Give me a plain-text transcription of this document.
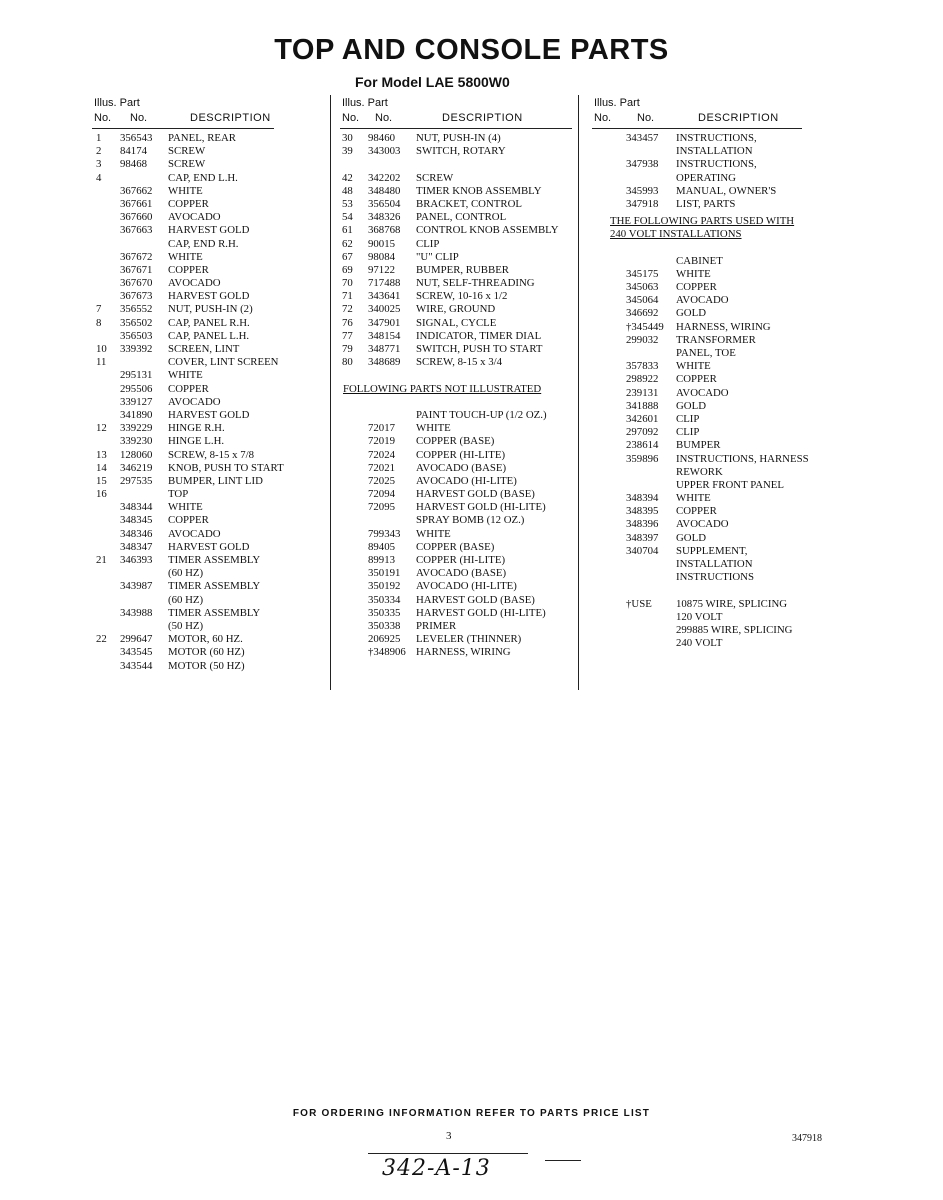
TOP AND CONSOLE PARTS
For Model LAE 5800W0
Illus. Part
No. No.	DESCRIPTION
1 356543 PANEL, REAR
2 84174 SCREW
3 98468 SCREW
4	CAP, END L.H.
367662 WHITE
367661 COPPER
367660 AVOCADO
367663 HARVEST GOLD
CAP, END R.H.
367672 WHITE
367671 COPPER
367670 AVOCADO
367673 HARVEST GOLD
7 356552 NUT, PUSH-IN (2)
8 356502 CAP, PANEL R.H.
356503 CAP, PANEL L.H.
10 339392 SCREEN, LINT
11	COVER, LINT SCREEN
295131 WHITE
295506 COPPER
339127 AVOCADO
341890 HARVEST GOLD
12 339229 HINGE R.H.
339230 HINGE L.H.
13 128060 SCREW, 8-15 x 7/8
14 346219 KNOB, PUSH TO START
15 297535 BUMPER, LINT LID
16	TOP
348344 WHITE
348345 COPPER
348346 AVOCADO
348347 HARVEST GOLD
21 346393 TIMER ASSEMBLY
(60 HZ)
343987 TIMER ASSEMBLY
(60 HZ)
343988 TIMER ASSEMBLY
(50 HZ)
22 299647 MOTOR, 60 HZ.
343545 MOTOR (60 HZ)
343544 MOTOR (50 HZ)
Illus. Part
No. No.	DESCRIPTION
30 98460 NUT, PUSH-IN (4)
39 343003 SWITCH, ROTARY
42 342202 SCREW
48 348480 TIMER KNOB ASSEMBLY
53 356504 BRACKET, CONTROL
54 348326 PANEL, CONTROL
61 368768 CONTROL KNOB ASSEMBLY
62 90015 CLIP
67 98084 "U" CLIP
69 97122 BUMPER, RUBBER
70 717488 NUT, SELF-THREADING
71 343641 SCREW, 10-16 x 1/2
72 340025 WIRE, GROUND
76 347901 SIGNAL, CYCLE
77 348154 INDICATOR, TIMER DIAL
79 348771 SWITCH, PUSH TO START
80 348689 SCREW, 8-15 x 3/4
FOLLOWING PARTS NOT ILLUSTRATED
PAINT TOUCH-UP (1/2 OZ.)
72017 WHITE
72019 COPPER (BASE)
72024 COPPER (HI-LITE)
72021 AVOCADO (BASE)
72025 AVOCADO (HI-LITE)
72094 HARVEST GOLD (BASE)
72095 HARVEST GOLD (HI-LITE)
SPRAY BOMB (12 OZ.)
799343 WHITE
89405 COPPER (BASE)
89913 COPPER (HI-LITE)
350191 AVOCADO (BASE)
350192 AVOCADO (HI-LITE)
350334 HARVEST GOLD (BASE)
350335 HARVEST GOLD (HI-LITE)
350338 PRIMER
206925 LEVELER (THINNER)
†348906 HARNESS, WIRING
Illus. Part
No. No.	DESCRIPTION
343457 INSTRUCTIONS,
INSTALLATION
347938 INSTRUCTIONS,
OPERATING
345993 MANUAL, OWNER'S
347918 LIST, PARTS
THE FOLLOWING PARTS USED WITH
240 VOLT INSTALLATIONS
CABINET
345175 WHITE
345063 COPPER
345064 AVOCADO
346692 GOLD
†345449 HARNESS, WIRING
299032 TRANSFORMER
PANEL, TOE
357833 WHITE
298922 COPPER
239131 AVOCADO
341888 GOLD
342601 CLIP
297092 CLIP
238614 BUMPER
359896 INSTRUCTIONS, HARNESS
REWORK
UPPER FRONT PANEL
348394 WHITE
348395 COPPER
348396 AVOCADO
348397 GOLD
340704 SUPPLEMENT,
INSTALLATION
INSTRUCTIONS
†USE 10875 WIRE, SPLICING
120 VOLT
299885 WIRE, SPLICING
240 VOLT
FOR ORDERING INFORMATION REFER TO PARTS PRICE LIST
3	347918
342-A-13
